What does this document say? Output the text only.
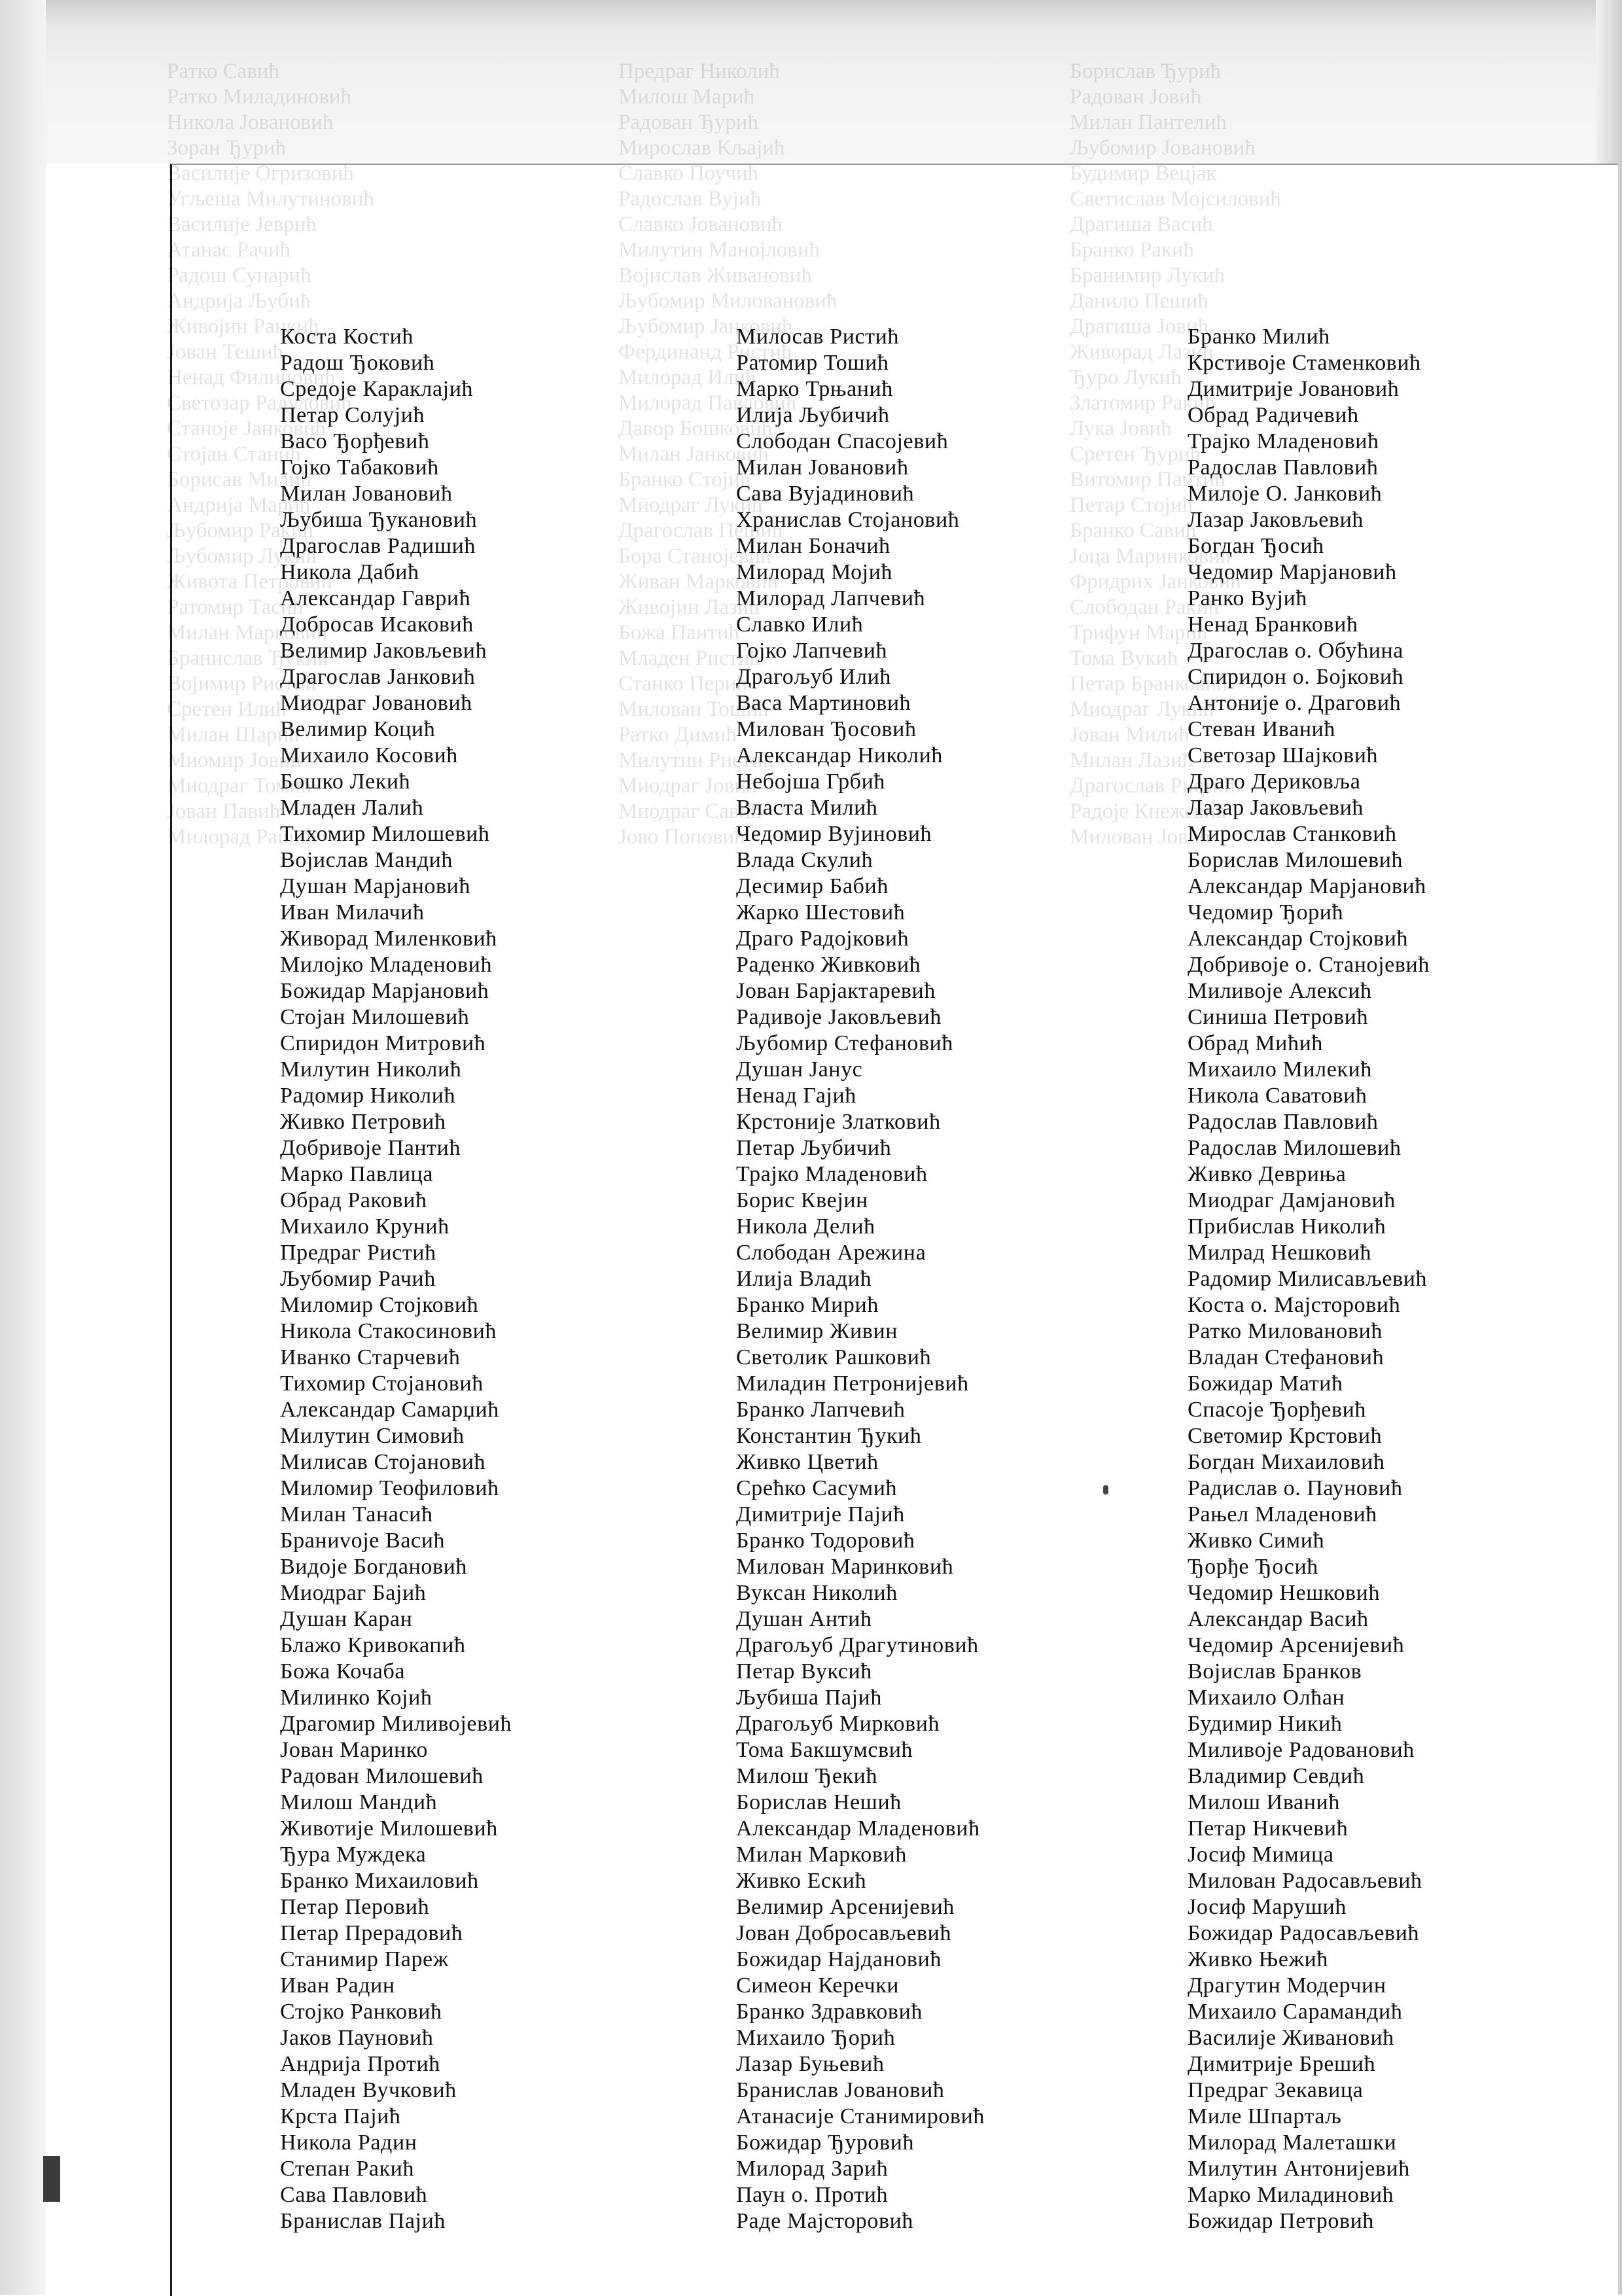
Ратко Савић
Ратко Миладиновић
Никола Јовановић
Зоран Ђурић
Василије Огризовић
Угљеша Милутиновић
Василије Јеврић
Атанас Рачић
Радош Сунарић
Андрија Љубић
Живојин Ранкић
Јован Тешић
Ненад Филиповић
Светозар Радуловић
Станоје Јанковић
Стојан Станић
Борисав Милић
Андрија Марић
Љубомир Ракић
Љубомир Лукић
Живота Петровић
Ратомир Тасић
Милан Марковић
Бранислав Ђукић
Војимир Ристић
Сретен Илић
Милан Шарић
Миомир Јовић
Миодраг Томић
Јован Павић
Милорад Рашић
Предраг Николић
Милош Марић
Радован Ђурић
Мирослав Кљајић
Славко Поучић
Радослав Вујић
Славко Јовановић
Милутин Манојловић
Војислав Живановић
Љубомир Миловановић
Љубомир Јанковић
Фердинанд Ристић
Милорад Илић
Милорад Павловић
Давор Бошковић
Милан Јанковић
Бранко Стојић
Миодраг Лукић
Драгослав Пешић
Бора Станојевић
Живан Марковић
Живојин Лазић
Божа Пантић
Младен Ристић
Станко Перић
Милован Тошић
Ратко Димић
Милутин Ристић
Миодраг Јовић
Миодраг Савић
Јово Поповић
Борислав Ђурић
Радован Јовић
Милан Пантелић
Љубомир Јовановић
Будимир Вецјак
Светислав Мојсиловић
Драгиша Васић
Бранко Ракић
Бранимир Лукић
Данило Пешић
Драгиша Јовић
Живорад Лазић
Ђуро Лукић
Златомир Ракић
Лука Јовић
Сретен Ђурић
Витомир Пантић
Петар Стојић
Бранко Савић
Јоца Маринковић
Фридрих Јанковић
Слободан Ракић
Трифун Марић
Тома Вукић
Петар Бранковић
Миодраг Лукић
Јован Милић
Милан Лазић
Драгослав Ристић
Радоје Кнежевић
Милован Јовић
Коста Костић
Радош Ђоковић
Средоје Караклајић
Петар Солујић
Васо Ђорђевић
Гојко Табаковић
Милан Јовановић
Љубиша Ђукановић
Драгослав Радишић
Никола Дабић
Александар Гаврић
Добросав Исаковић
Велимир Јаковљевић
Драгослав Јанковић
Миодраг Јовановић
Велимир Коцић
Михаило Косовић
Бошко Лекић
Младен Лалић
Тихомир Милошевић
Војислав Мандић
Душан Марјановић
Иван Милачић
Живорад Миленковић
Милојко Младеновић
Божидар Марјановић
Стојан Милошевић
Спиридон Митровић
Милутин Николић
Радомир Николић
Живко Петровић
Добривоје Пантић
Марко Павлица
Обрад Раковић
Михаило Крунић
Предраг Ристић
Љубомир Рачић
Миломир Стојковић
Никола Стакосиновић
Иванко Старчевић
Тихомир Стојановић
Александар Самарџић
Милутин Симовић
Милисав Стојановић
Миломир Теофиловић
Милан Танасић
Браниvoje Васић
Видоје Богдановић
Миодраг Бајић
Душан Каран
Блажо Кривокапић
Божа Кочаба
Милинко Којић
Драгомир Миливојевић
Јован Маринко
Радован Милошевић
Милош Мандић
Животије Милошевић
Ђура Муждека
Бранко Михаиловић
Петар Перовић
Петар Прерадовић
Станимир Пареж
Иван Радин
Стојко Ранковић
Јаков Пауновић
Андрија Протић
Младен Вучковић
Крста Пајић
Никола Радин
Степан Ракић
Сава Павловић
Бранислав Пајић
Милосав Ристић
Ратомир Тошић
Марко Трњанић
Илија Љубичић
Слободан Спасојевић
Милан Јовановић
Сава Вујадиновић
Хранислав Стојановић
Милан Боначић
Милорад Мојић
Милорад Лапчевић
Славко Илић
Гојко Лапчевић
Драгољуб Илић
Васа Мартиновић
Милован Ђосовић
Александар Николић
Небојша Грбић
Власта Милић
Чедомир Вујиновић
Влада Скулић
Десимир Бабић
Жарко Шестовић
Драго Радојковић
Раденко Живковић
Јован Барјактаревић
Радивоје Јаковљевић
Љубомир Стефановић
Душан Јанус
Ненад Гајић
Крстоније Златковић
Петар Љубичић
Трајко Младеновић
Борис Квејин
Никола Делић
Слободан Арежина
Илија Владић
Бранко Мирић
Велимир Живин
Светолик Рашковић
Миладин Петронијевић
Бранко Лапчевић
Константин Ђукић
Живко Цветић
Срећко Сасумић
Димитрије Пајић
Бранко Тодоровић
Милован Маринковић
Вуксан Николић
Душан Антић
Драгољуб Драгутиновић
Петар Вуксић
Љубиша Пајић
Драгољуб Мирковић
Тома Бакшумсвић
Милош Ђекић
Борислав Нешић
Александар Младеновић
Милан Марковић
Живко Ескић
Велимир Арсенијевић
Јован Добросављевић
Божидар Најдановић
Симеон Керечки
Бранко Здравковић
Михаило Ђорић
Лазар Буњевић
Бранислав Јовановић
Атанасије Станимировић
Божидар Ђуровић
Милорад Зарић
Паун о. Протић
Раде Мајсторовић
Бранко Милић
Крстивоје Стаменковић
Димитрије Јовановић
Обрад Радичевић
Трајко Младеновић
Радослав Павловић
Милоје О. Јанковић
Лазар Јаковљевић
Богдан Ђосић
Чедомир Марјановић
Ранко Вујић
Ненад Бранковић
Драгослав о. Обућина
Спиридон о. Бојковић
Антоније о. Драговић
Стеван Иванић
Светозар Шајковић
Драго Дериковља
Лазар Јаковљевић
Мирослав Станковић
Борислав Милошевић
Александар Марјановић
Чедомир Ђорић
Александар Стојковић
Добривоје о. Станојевић
Миливоје Алексић
Синиша Петровић
Обрад Мићић
Михаило Милекић
Никола Саватовић
Радослав Павловић
Радослав Милошевић
Живко Девриња
Миодраг Дамјановић
Прибислав Николић
Милрад Нешковић
Радомир Милисављевић
Коста о. Мајсторовић
Ратко Миловановић
Владан Стефановић
Божидар Матић
Спасоје Ђорђевић
Светомир Крстовић
Богдан Михаиловић
Радислав о. Пауновић
Рањел Младеновић
Живко Симић
Ђорђе Ђосић
Чедомир Нешковић
Александар Васић
Чедомир Арсенијевић
Војислав Бранков
Михаило Олћан
Будимир Никић
Миливоје Радовановић
Владимир Севдић
Милош Иванић
Петар Никчевић
Јосиф Мимица
Милован Радосављевић
Јосиф Марушић
Божидар Радосављевић
Живко Њежић
Драгутин Модерчин
Михаило Сарамандић
Василије Живановић
Димитрије Брешић
Предраг Зекавица
Миле Шпартаљ
Милорад Малеташки
Милутин Антонијевић
Марко Миладиновић
Божидар Петровић
